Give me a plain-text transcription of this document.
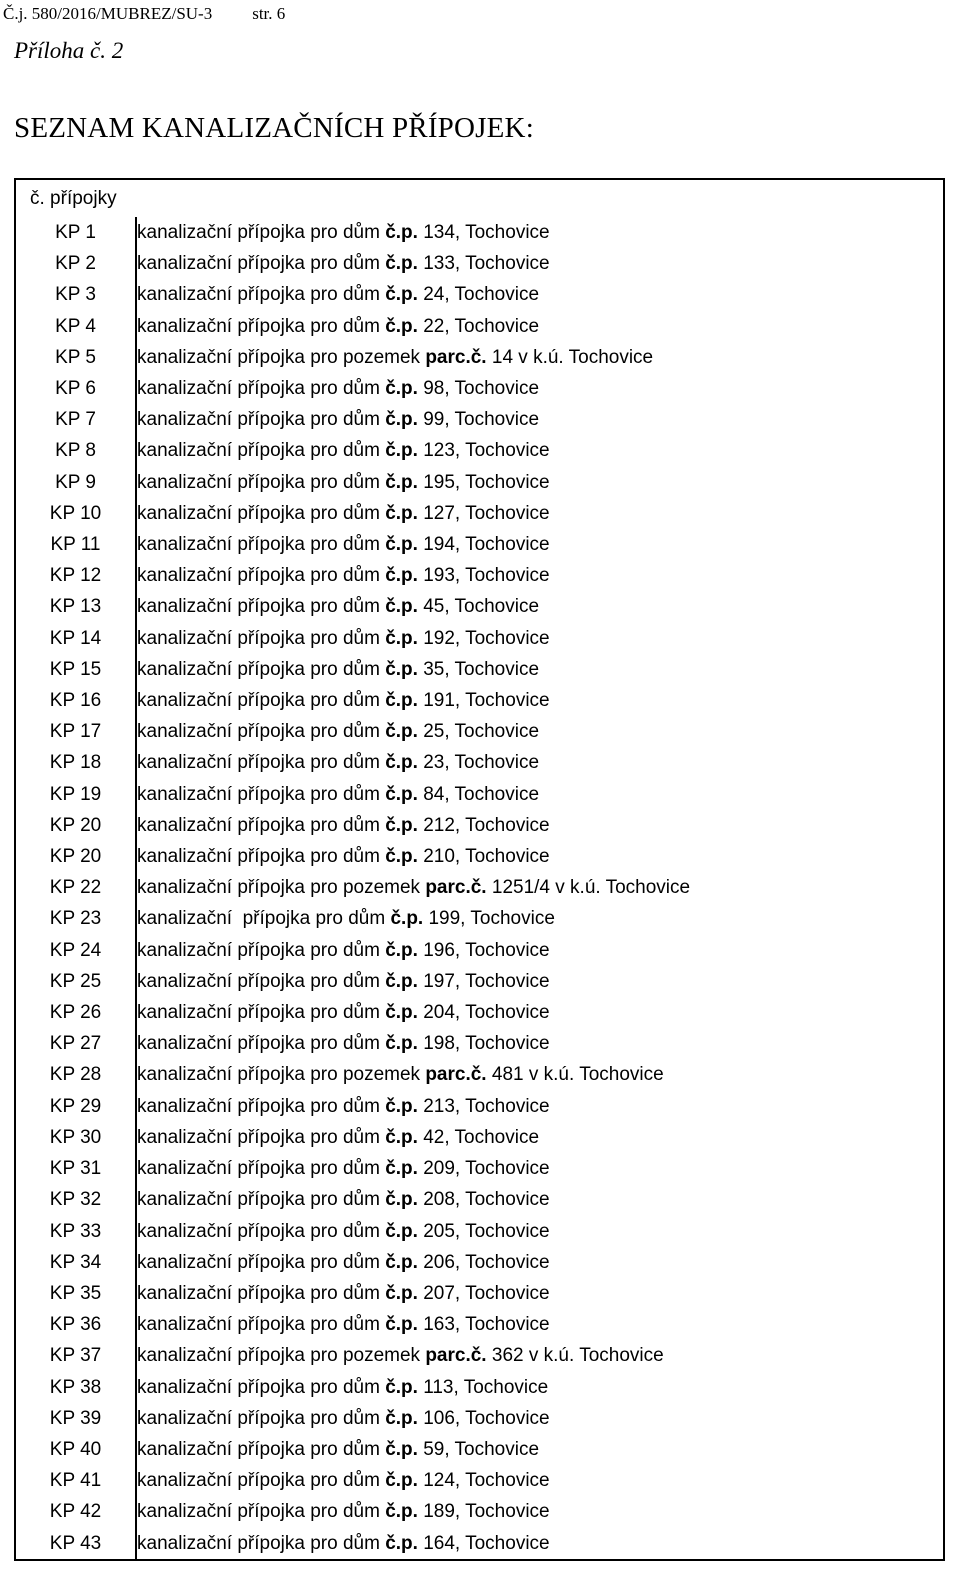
Č.j. 580/2016/MUBREZ/SU-3 str. 6
Příloha č. 2
SEZNAM KANALIZAČNÍCH PŘÍPOJEK:
č. přípojky	
KP 1	kanalizační přípojka pro dům č.p. 134, Tochovice
KP 2	kanalizační přípojka pro dům č.p. 133, Tochovice
KP 3	kanalizační přípojka pro dům č.p. 24, Tochovice
KP 4	kanalizační přípojka pro dům č.p. 22, Tochovice
KP 5	kanalizační přípojka pro pozemek parc.č. 14 v k.ú. Tochovice
KP 6	kanalizační přípojka pro dům č.p. 98, Tochovice
KP 7	kanalizační přípojka pro dům č.p. 99, Tochovice
KP 8	kanalizační přípojka pro dům č.p. 123, Tochovice
KP 9	kanalizační přípojka pro dům č.p. 195, Tochovice
KP 10	kanalizační přípojka pro dům č.p. 127, Tochovice
KP 11	kanalizační přípojka pro dům č.p. 194, Tochovice
KP 12	kanalizační přípojka pro dům č.p. 193, Tochovice
KP 13	kanalizační přípojka pro dům č.p. 45, Tochovice
KP 14	kanalizační přípojka pro dům č.p. 192, Tochovice
KP 15	kanalizační přípojka pro dům č.p. 35, Tochovice
KP 16	kanalizační přípojka pro dům č.p. 191, Tochovice
KP 17	kanalizační přípojka pro dům č.p. 25, Tochovice
KP 18	kanalizační přípojka pro dům č.p. 23, Tochovice
KP 19	kanalizační přípojka pro dům č.p. 84, Tochovice
KP 20	kanalizační přípojka pro dům č.p. 212, Tochovice
KP 20	kanalizační přípojka pro dům č.p. 210, Tochovice
KP 22	kanalizační přípojka pro pozemek parc.č. 1251/4 v k.ú. Tochovice
KP 23	kanalizační  přípojka pro dům č.p. 199, Tochovice
KP 24	kanalizační přípojka pro dům č.p. 196, Tochovice
KP 25	kanalizační přípojka pro dům č.p. 197, Tochovice
KP 26	kanalizační přípojka pro dům č.p. 204, Tochovice
KP 27	kanalizační přípojka pro dům č.p. 198, Tochovice
KP 28	kanalizační přípojka pro pozemek parc.č. 481 v k.ú. Tochovice
KP 29	kanalizační přípojka pro dům č.p. 213, Tochovice
KP 30	kanalizační přípojka pro dům č.p. 42, Tochovice
KP 31	kanalizační přípojka pro dům č.p. 209, Tochovice
KP 32	kanalizační přípojka pro dům č.p. 208, Tochovice
KP 33	kanalizační přípojka pro dům č.p. 205, Tochovice
KP 34	kanalizační přípojka pro dům č.p. 206, Tochovice
KP 35	kanalizační přípojka pro dům č.p. 207, Tochovice
KP 36	kanalizační přípojka pro dům č.p. 163, Tochovice
KP 37	kanalizační přípojka pro pozemek parc.č. 362 v k.ú. Tochovice
KP 38	kanalizační přípojka pro dům č.p. 113, Tochovice
KP 39	kanalizační přípojka pro dům č.p. 106, Tochovice
KP 40	kanalizační přípojka pro dům č.p. 59, Tochovice
KP 41	kanalizační přípojka pro dům č.p. 124, Tochovice
KP 42	kanalizační přípojka pro dům č.p. 189, Tochovice
KP 43	kanalizační přípojka pro dům č.p. 164, Tochovice
